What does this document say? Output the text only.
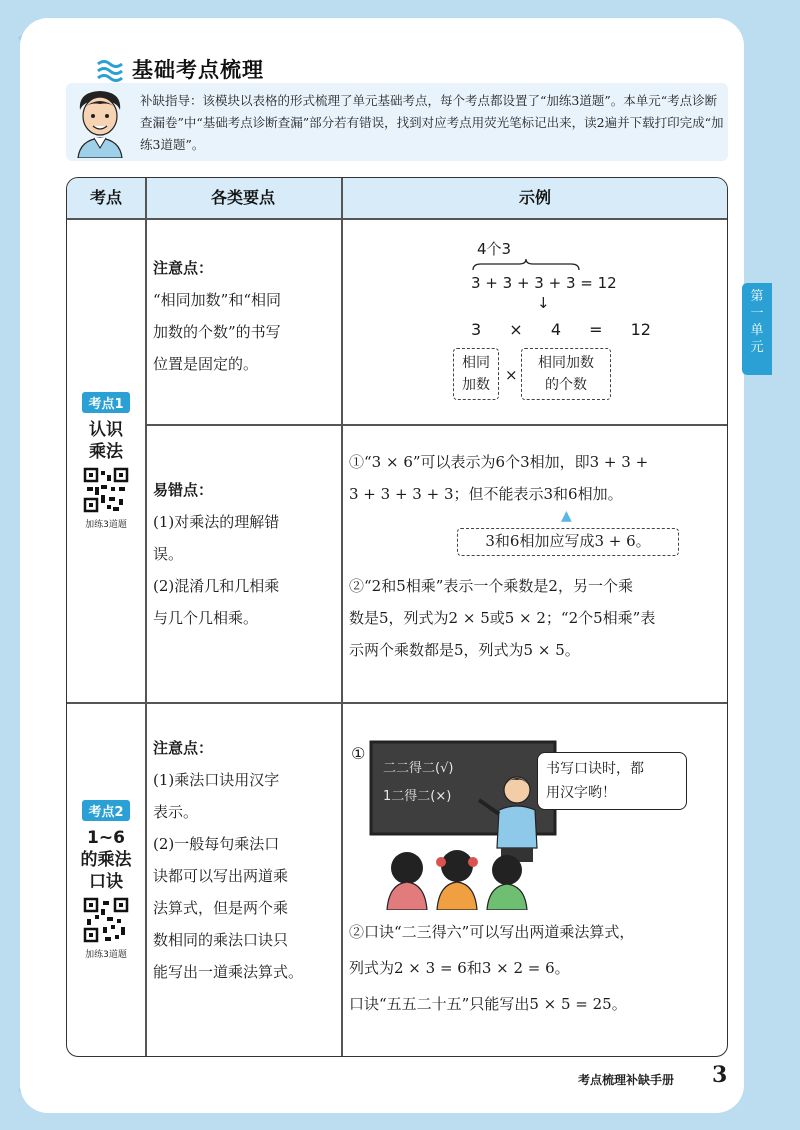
基础考点梳理
补缺指导：该模块以表格的形式梳理了单元基础考点，每个考点都设置了“加练3道题”。本单元“考点诊断查漏卷”中“基础考点诊断查漏”部分若有错误，找到对应考点用荧光笔标记出来，读2遍并下载打印完成“加练3道题”。
第
一
单
元
考点	各类要点	示例
考点1
认识
乘法
加练3道题
注意点：
“相同加数”和“相同
加数的个数”的书写
位置是固定的。
4个3
3 + 3 + 3 + 3 = 12
↓
3 × 4 = 12
相同
加数
×
相同加数
的个数
易错点：
(1)对乘法的理解错
误。
(2)混淆几和几相乘
与几个几相乘。
①“3 × 6”可以表示为6个3相加，即3 + 3 +
3 + 3 + 3 + 3；但不能表示3和6相加。
▲
3和6相加应写成3 + 6。
②“2和5相乘”表示一个乘数是2，另一个乘
数是5，列式为2 × 5或5 × 2；“2个5相乘”表
示两个乘数都是5，列式为5 × 5。
考点2
1~6
的乘法
口诀
加练3道题
注意点：
(1)乘法口诀用汉字
表示。
(2)一般每句乘法口
诀都可以写出两道乘
法算式，但是两个乘
数相同的乘法口诀只
能写出一道乘法算式。
①
二二得二(√)
1二得二(×)
书写口诀时，都
用汉字哟！
②口诀“二三得六”可以写出两道乘法算式，
列式为2 × 3 = 6和3 × 2 = 6。
口诀“五五二十五”只能写出5 × 5 = 25。
考点梳理补缺手册 3
